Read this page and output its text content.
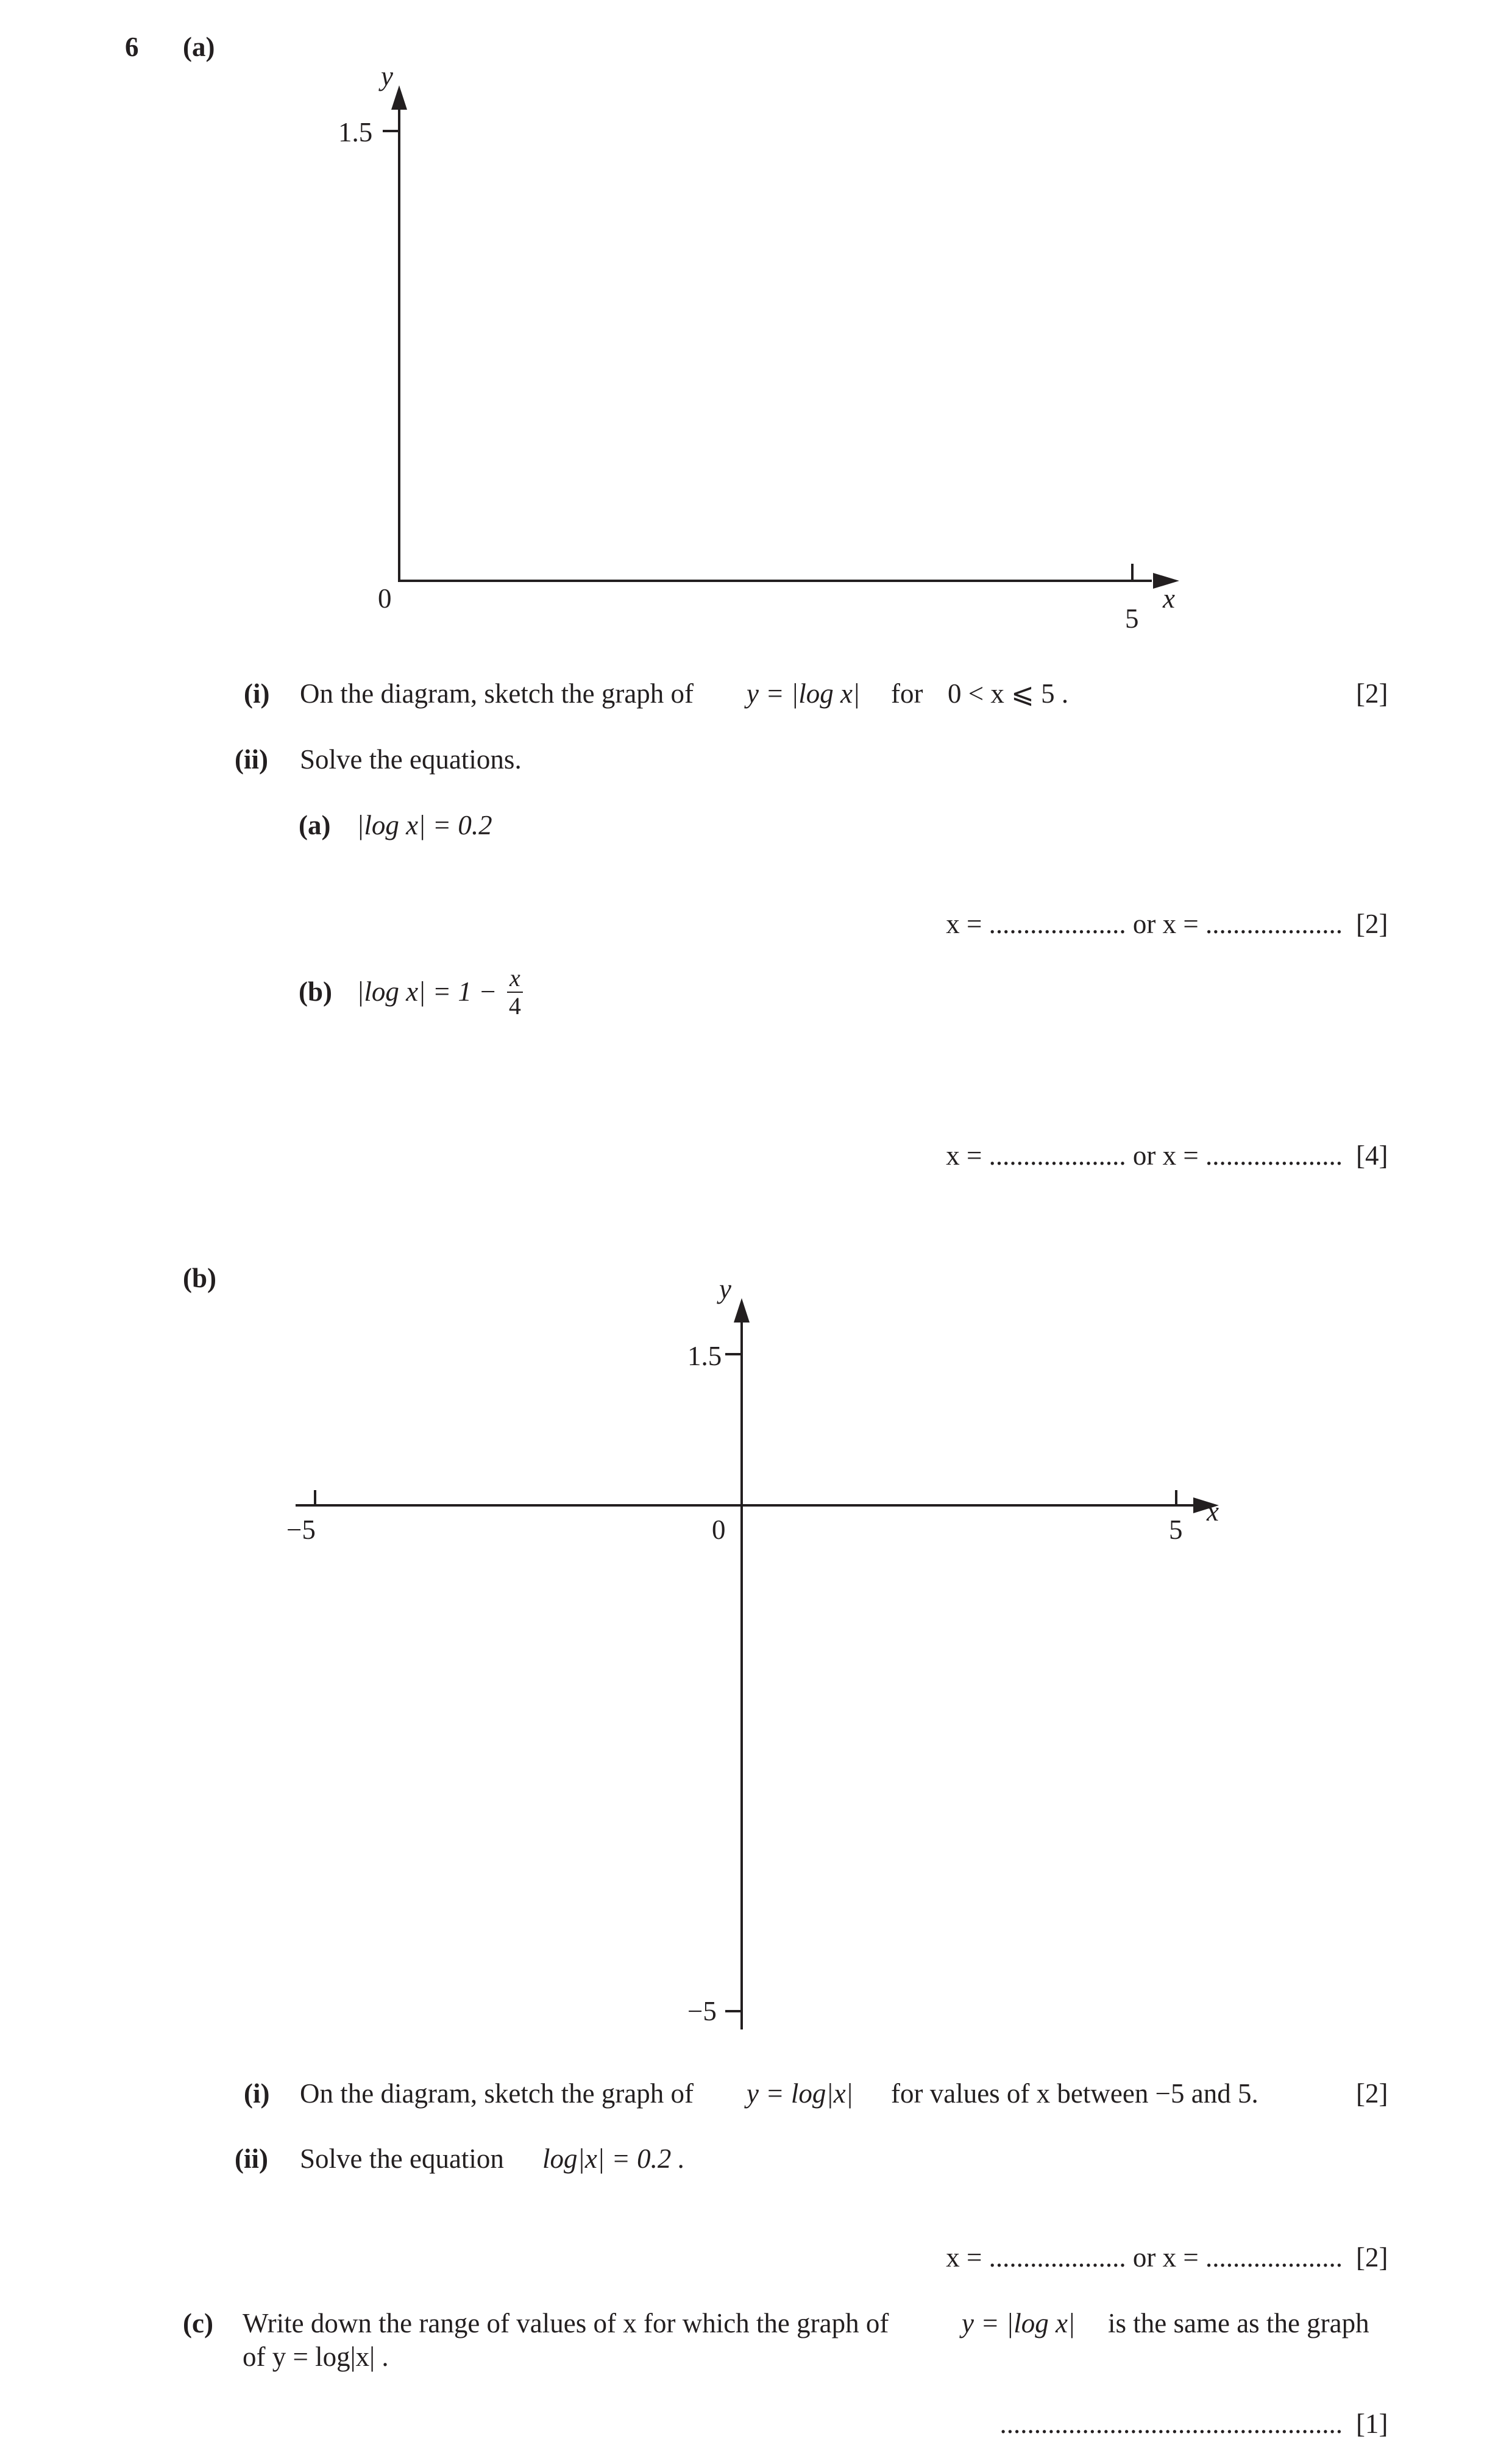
6 (a)
y
1.5
0
5
x
(i) On the diagram, sketch the graph of y = |log x| for 0 < x ⩽ 5 .	[2]
(ii) Solve the equations.
(a) |log x| = 0.2
x = .................... or x = .................... [2]
(b) |log x| = 1 − x
4
x = .................... or x = .................... [4]
(b)	y
1.5
−5
−5	0	5
x
(i) On the diagram, sketch the graph of y = log|x| for values of x between −5 and 5.	[2]
(ii) Solve the equation log|x| = 0.2 .
x = .................... or x = .................... [2]
(c) Write down the range of values of x for which the graph of	y = |log x| is the same as the graph
of y = log|x| .
.................................................. [1]
